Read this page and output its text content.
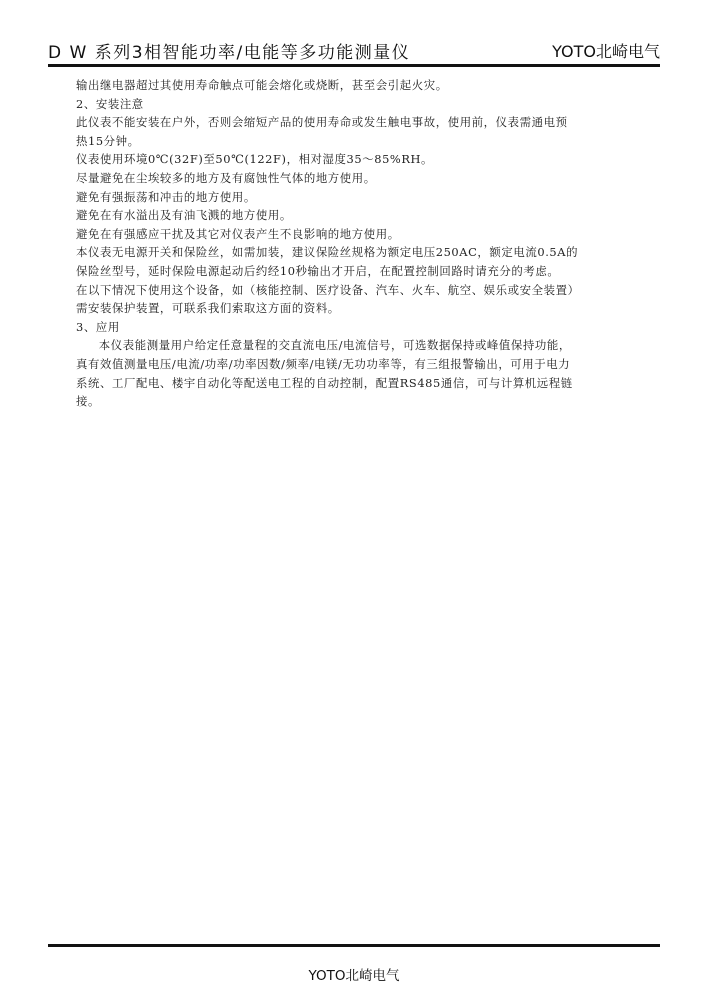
D W 系列3相智能功率/电能等多功能测量仪	YOTO北崎电气

输出继电器超过其使用寿命触点可能会熔化或烧断，甚至会引起火灾。

2、安装注意

此仪表不能安装在户外，否则会缩短产品的使用寿命或发生触电事故，使用前，仪表需通电预

热15分钟。

仪表使用环境0℃(32F)至50℃(122F)，相对湿度35～85%RH。

尽量避免在尘埃较多的地方及有腐蚀性气体的地方使用。

避免有强振荡和冲击的地方使用。

避免在有水溢出及有油飞溅的地方使用。

避免在有强感应干扰及其它对仪表产生不良影响的地方使用。

本仪表无电源开关和保险丝，如需加装，建议保险丝规格为额定电压250AC，额定电流0.5A的

保险丝型号，延时保险电源起动后约经10秒输出才开启，在配置控制回路时请充分的考虑。

在以下情况下使用这个设备，如（核能控制、医疗设备、汽车、火车、航空、娱乐或安全装置）

需安装保护装置，可联系我们索取这方面的资料。

3、应用

本仪表能测量用户给定任意量程的交直流电压/电流信号，可选数据保持或峰值保持功能，

真有效值测量电压/电流/功率/功率因数/频率/电镁/无功功率等，有三组报警输出，可用于电力

系统、工厂配电、楼宇自动化等配送电工程的自动控制，配置RS485通信，可与计算机远程链

接。

YOTO北崎电气
